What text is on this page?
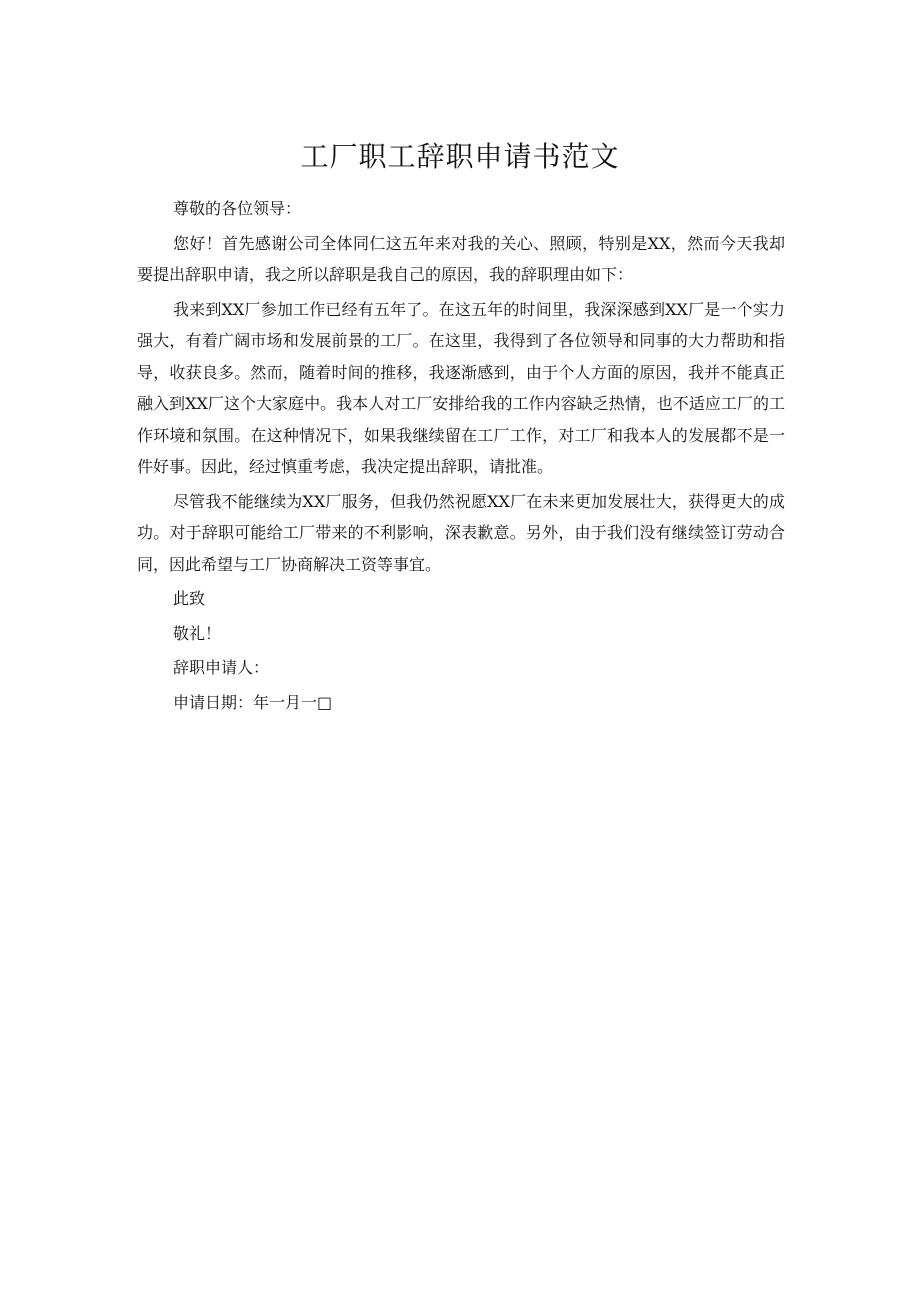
工厂职工辞职申请书范文

尊敬的各位领导：

您好！首先感谢公司全体同仁这五年来对我的关心、照顾，特别是XX，然而今天我却要提出辞职申请，我之所以辞职是我自己的原因，我的辞职理由如下：

我来到XX厂参加工作已经有五年了。在这五年的时间里，我深深感到XX厂是一个实力强大，有着广阔市场和发展前景的工厂。在这里，我得到了各位领导和同事的大力帮助和指导，收获良多。然而，随着时间的推移，我逐渐感到，由于个人方面的原因，我并不能真正融入到XX厂这个大家庭中。我本人对工厂安排给我的工作内容缺乏热情，也不适应工厂的工作环境和氛围。在这种情况下，如果我继续留在工厂工作，对工厂和我本人的发展都不是一件好事。因此，经过慎重考虑，我决定提出辞职，请批准。

尽管我不能继续为XX厂服务，但我仍然祝愿XX厂在未来更加发展壮大，获得更大的成功。对于辞职可能给工厂带来的不利影响，深表歉意。另外，由于我们没有继续签订劳动合同，因此希望与工厂协商解决工资等事宜。

此致

敬礼！

辞职申请人：

申请日期：年一月一□
